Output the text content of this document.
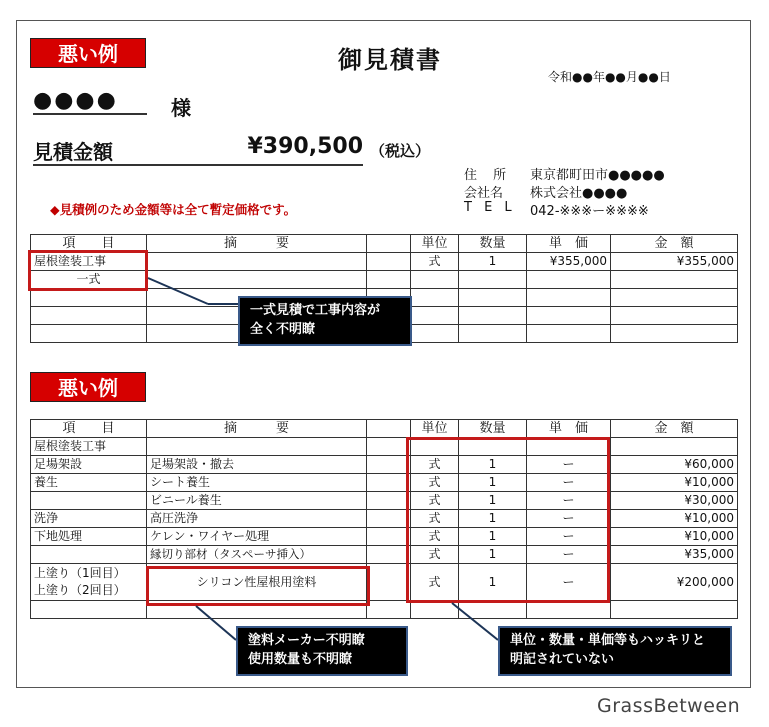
悪い例	御見積書
令和●●年●●月●●日
●●●●	様
見積金額	¥390,500 （税込）
住 所 東京都町田市●●●●●
会社名 株式会社●●●●
T E L 042-※※※ー※※※※
◆見積例のため金額等は全て暫定価格です。
項　　目	摘　　　要		単位	数量	単　価	金　額
屋根塗装工事			式	1	¥355,000	¥355,000
一式						

悪い例
項　　目	摘　　　要		単位	数量	単　価	金　額
屋根塗装工事						
足場架設	足場架設・撤去		式	1	ー	¥60,000
養生	シート養生		式	1	ー	¥10,000
	ビニール養生		式	1	ー	¥30,000
洗浄	高圧洗浄		式	1	ー	¥10,000
下地処理	ケレン・ワイヤー処理		式	1	ー	¥10,000
	縁切り部材（タスペーサ挿入）		式	1	ー	¥35,000

上塗り（1回目）
上塗り（2回目）	シリコン性屋根用塗料		式	1	ー	¥200,000

一式見積で工事内容が
全く不明瞭
塗料メーカー不明瞭
使用数量も不明瞭
単位・数量・単価等もハッキリと
明記されていない
GrassBetween
